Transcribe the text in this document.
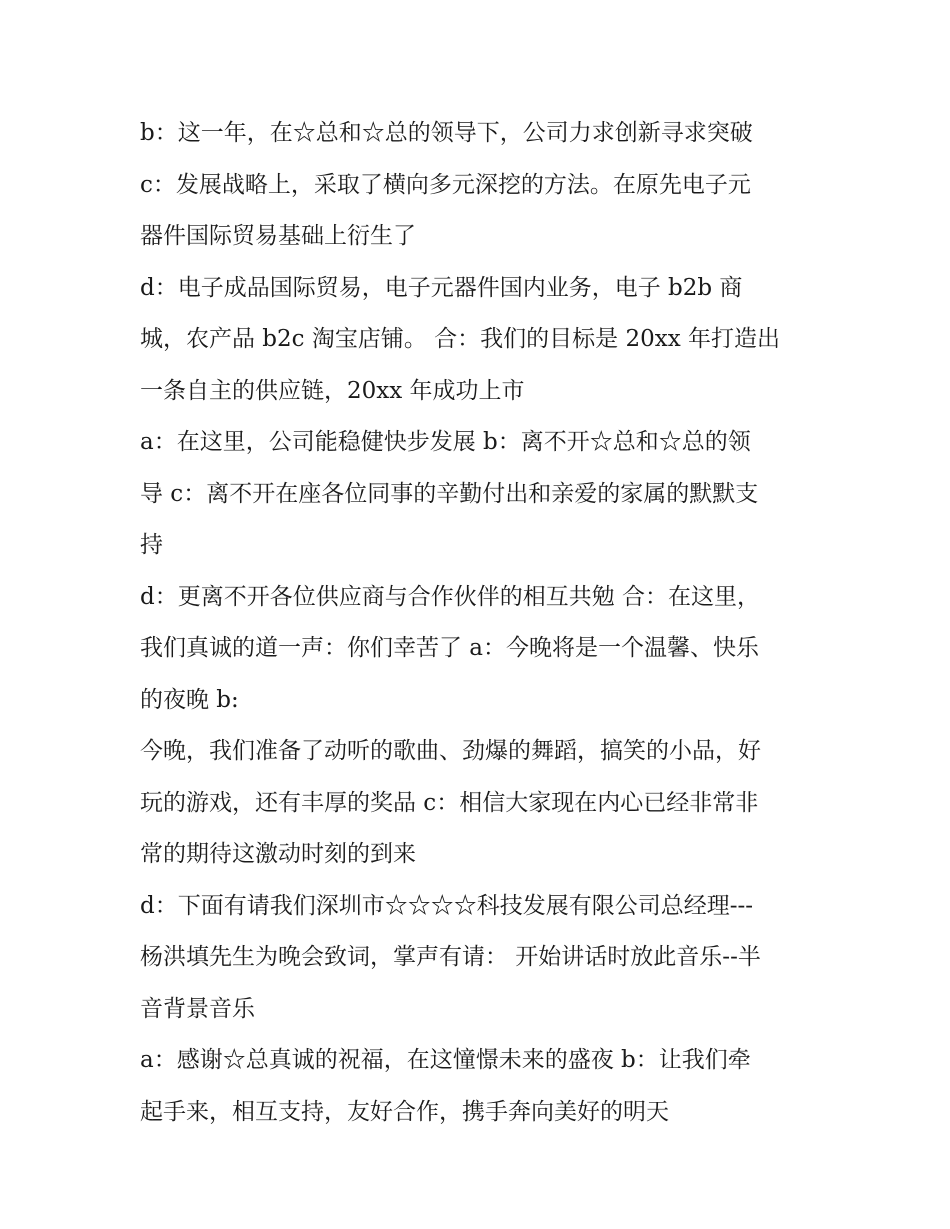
b：这一年，在☆总和☆总的领导下，公司力求创新寻求突破
c：发展战略上，采取了横向多元深挖的方法。在原先电子元
器件国际贸易基础上衍生了
d：电子成品国际贸易，电子元器件国内业务，电子 b2b 商
城，农产品 b2c 淘宝店铺。 合：我们的目标是 20xx 年打造出
一条自主的供应链，20xx 年成功上市
a：在这里，公司能稳健快步发展 b：离不开☆总和☆总的领
导 c：离不开在座各位同事的辛勤付出和亲爱的家属的默默支
持
d：更离不开各位供应商与合作伙伴的相互共勉 合：在这里，
我们真诚的道一声：你们幸苦了 a：今晚将是一个温馨、快乐
的夜晚 b:
今晚，我们准备了动听的歌曲、劲爆的舞蹈，搞笑的小品，好
玩的游戏，还有丰厚的奖品 c：相信大家现在内心已经非常非
常的期待这激动时刻的到来
d：下面有请我们深圳市☆☆☆☆科技发展有限公司总经理---
杨洪填先生为晚会致词，掌声有请： 开始讲话时放此音乐--半
音背景音乐
a：感谢☆总真诚的祝福，在这憧憬未来的盛夜 b：让我们牵
起手来，相互支持，友好合作，携手奔向美好的明天
